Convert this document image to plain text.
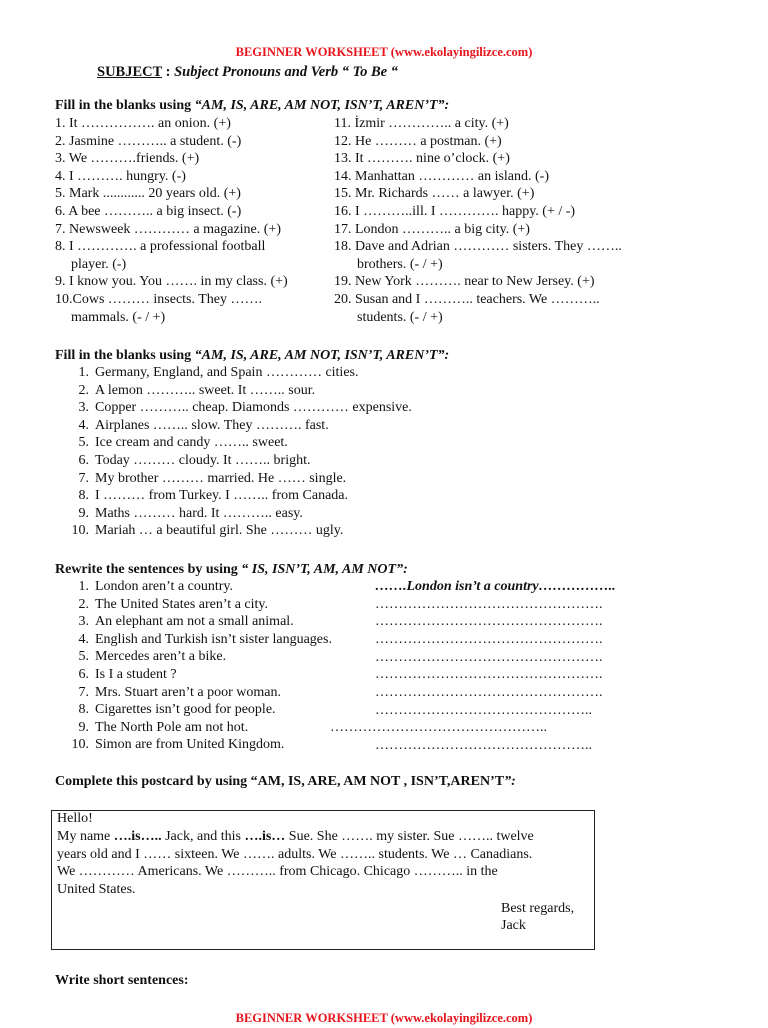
BEGINNER WORKSHEET (www.ekolayingilizce.com)
SUBJECT : Subject Pronouns and Verb “ To Be “
Fill in the blanks using “AM, IS, ARE, AM NOT, ISN’T, AREN’T”:
1. It ……………. an onion. (+)
2. Jasmine ……….. a student. (-)
3. We ……….friends. (+)
4. I ………. hungry. (-)
5. Mark ............ 20 years old. (+)
6. A bee ……….. a big insect. (-)
7. Newsweek ………… a magazine. (+)
8. I …………. a professional football
player. (-)
9. I know you. You ……. in my class. (+)
10.Cows ……… insects. They …….
mammals. (- / +)
11. İzmir ………….. a city. (+)
12. He ……… a postman. (+)
13. It ………. nine o’clock. (+)
14. Manhattan ………… an island. (-)
15. Mr. Richards …… a lawyer. (+)
16. I ………..ill. I …………. happy. (+ / -)
17. London ……….. a big city. (+)
18. Dave and Adrian ………… sisters. They ……..
brothers. (- / +)
19. New York ………. near to New Jersey. (+)
20. Susan and I ……….. teachers. We ………..
students. (- / +)
Fill in the blanks using “AM, IS, ARE, AM NOT, ISN’T, AREN’T”:
1. Germany, England, and Spain ………… cities.
2. A lemon ……….. sweet. It …….. sour.
3. Copper ……….. cheap. Diamonds ………… expensive.
4. Airplanes …….. slow. They ………. fast.
5. Ice cream and candy …….. sweet.
6. Today ……… cloudy. It …….. bright.
7. My brother ……… married. He …… single.
8. I ……… from Turkey. I …….. from Canada.
9. Maths ……… hard. It ……….. easy.
10. Mariah … a beautiful girl. She ……… ugly.
Rewrite the sentences by using “ IS, ISN’T, AM, AM NOT”:
1. London aren’t a country.
2. The United States aren’t a city.
3. An elephant am not a small animal.
4. English and Turkish isn’t sister languages.
5. Mercedes aren’t a bike.
6. Is I a student ?
7. Mrs. Stuart aren’t a poor woman.
8. Cigarettes isn’t good for people.
9. The North Pole am not hot.
10. Simon are from United Kingdom.
…….London isn’t a country……………..
………………………………………….
………………………………………….
………………………………………….
………………………………………….
………………………………………….
………………………………………….
………………………………………..
………………………………………..
………………………………………..
Complete this postcard by using “AM, IS, ARE, AM NOT , ISN’T,AREN’T”:
Hello!
My name ….is….. Jack, and this ….is… Sue. She ……. my sister. Sue …….. twelve
years old and I …… sixteen. We ……. adults. We …….. students. We … Canadians.
We ………… Americans. We ……….. from Chicago. Chicago ……….. in the
United States.
Best regards,
Jack
Write short sentences:
BEGINNER WORKSHEET (www.ekolayingilizce.com)
